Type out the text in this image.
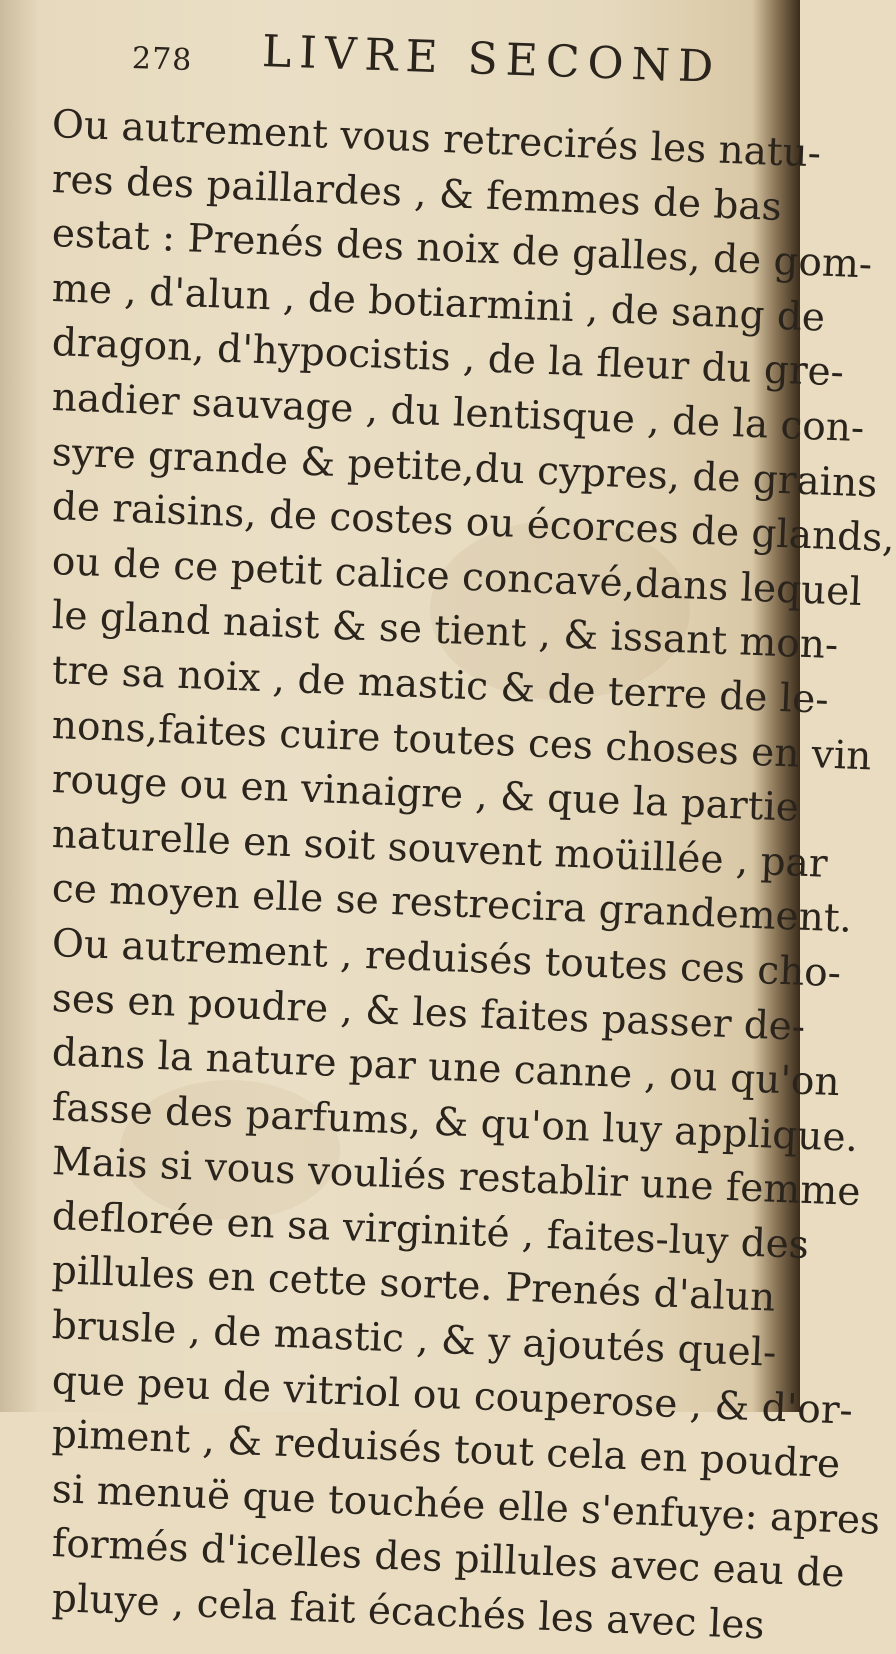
278 LIVRE SECOND
Ou autrement vous retrecirés les natu-
res des paillardes , & femmes de bas
estat : Prenés des noix de galles, de gom-
me , d'alun , de botiarmini , de sang de
dragon, d'hypocistis , de la fleur du gre-
nadier sauvage , du lentisque , de la con-
syre grande & petite,du cypres, de grains
de raisins, de costes ou écorces de glands,
ou de ce petit calice concavé,dans lequel
le gland naist & se tient , & issant mon-
tre sa noix , de mastic & de terre de le-
nons,faites cuire toutes ces choses en vin
rouge ou en vinaigre , & que la partie
naturelle en soit souvent moüillée , par
ce moyen elle se restrecira grandement.
Ou autrement , reduisés toutes ces cho-
ses en poudre , & les faites passer de-
dans la nature par une canne , ou qu'on
fasse des parfums, & qu'on luy applique.
Mais si vous vouliés restablir une femme
deflorée en sa virginité , faites-luy des
pillules en cette sorte. Prenés d'alun
brusle , de mastic , & y ajoutés quel-
que peu de vitriol ou couperose , & d'or-
piment , & reduisés tout cela en poudre
si menuë que touchée elle s'enfuye: apres
formés d'icelles des pillules avec eau de
pluye , cela fait écachés les avec les
